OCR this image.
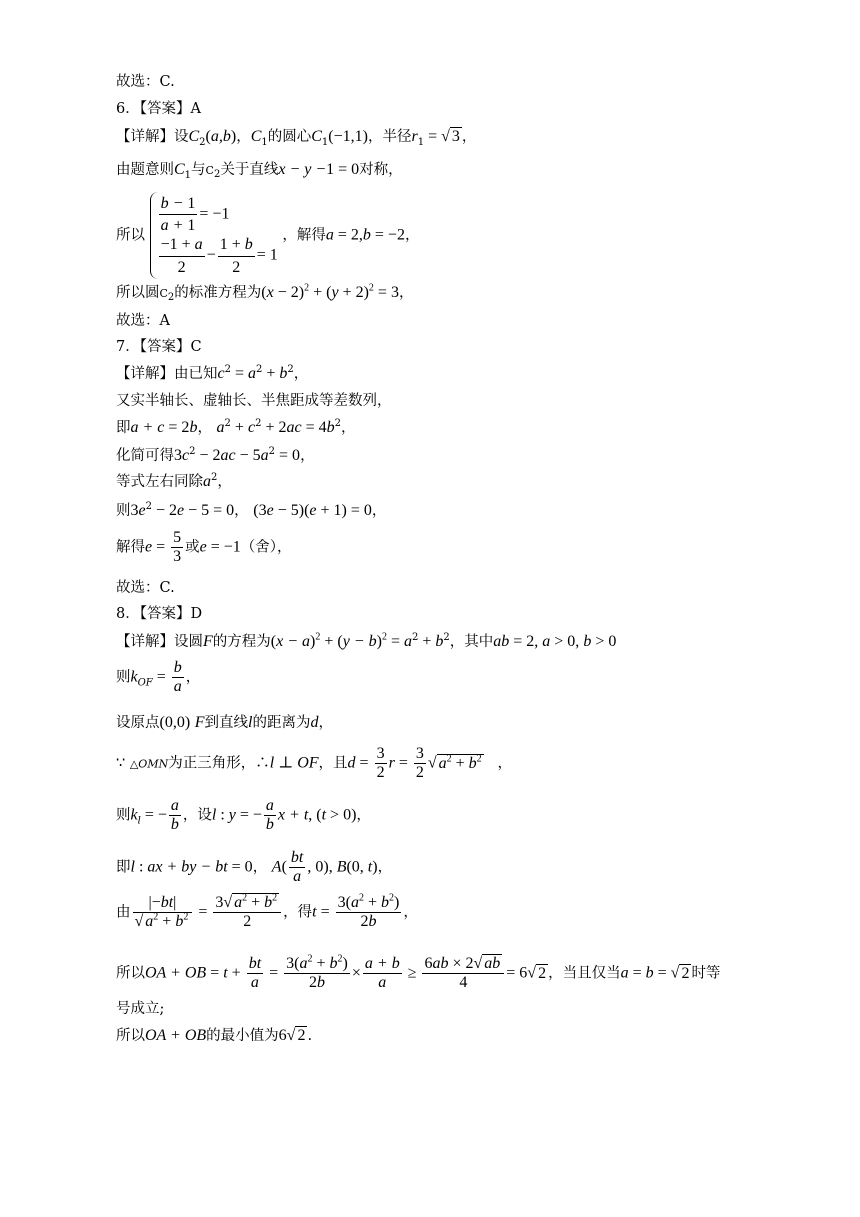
故选：C.
6．【答案】A
【详解】设$C_2(a,b)$，$C_1$的圆心$C_1(-1,1)$，半径$r_1$ = √ 3 ，
由题意则$C_1$与$C_2$关于直线x − y −1 = 0对称，
所以 $\frac{b - 1}{a + 1} = -1$
$\frac{-1 + a}{2} - \frac{1 + b}{2} = 1$
，解得a = 2,b = −2，
所以圆$C_2$的标准方程为$(x - 2)^2 + (y + 2)^2 = 3$，
故选：A
7．【答案】C
【详解】由已知$c^2 = a^2 + b^2$，
又实半轴长、虚轴长、半焦距成等差数列，
即a + c = 2b， $a^2 + c^2 + 2ac = 4b^2$，
化简可得$3c^2 - 2ac - 5a^2 = 0$，
等式左右同除$a^2$，
则$3e^2 - 2e - 5 = 0$， (3e − 5)(e + 1) = 0，
解得$e = \frac{5}{3}$ 或e = −1（舍），
故选：C.
8．【答案】D
【详解】设圆F的方程为$(x - a)^2 + (y - b)^2 = a^2 + b^2$，其中ab = 2, a > 0, b > 0
则$k_{OF} = \frac{b}{a}$ ，
设原点(0,0) F到直线l的距离为d，
∵ △OMN为正三角形，∴l ⊥ OF，且$d = \frac{3}{2}$ $r = \frac{3}{2}$ √ $a^2 + b^2$   ，
则$k_l$ = − $\frac{a}{b}$ ，设l : y = − $\frac{a}{b}$ x + t, (t > 0)，
即l : ax + by − bt = 0， $A( \frac{bt}{a}$ , 0), B(0, t)，
由 $\frac{|-bt|}{√ a^2 + b^2} = \frac{3√ a^2 + b^2}{2}$ ，得$t = \frac{3(a^2 + b^2)}{2b}$ ，
所以OA + OB = $t + \frac{bt}{a} = \frac{3(a^2 + b^2)}{2b} \times \frac{a + b}{a} \ge \frac{6ab \times 2√ ab}{4} = 6√$ 2 ，当且仅当a = b = √ 2 时等
号成立;
所以OA + OB的最小值为6√ 2 .
